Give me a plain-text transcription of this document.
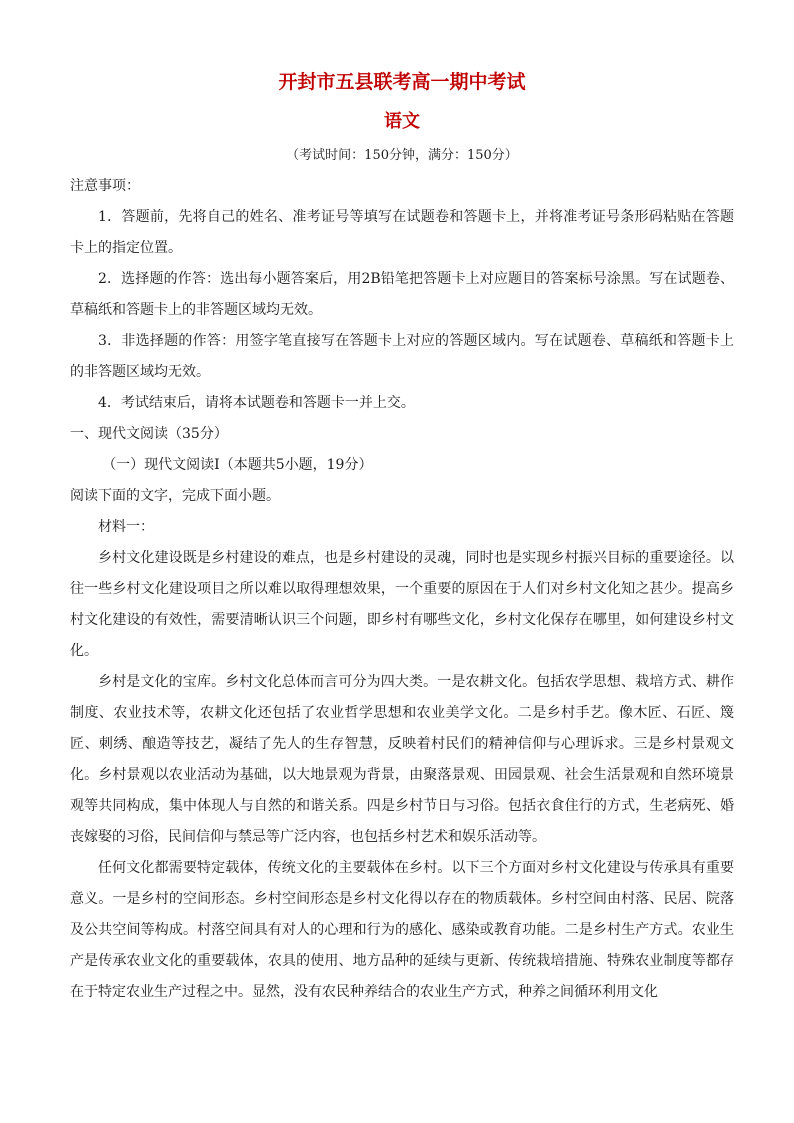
开封市五县联考高一期中考试
语文

（考试时间：150分钟，满分：150分）

注意事项：

1．答题前，先将自己的姓名、准考证号等填写在试题卷和答题卡上，并将准考证号条形码粘贴在答题卡上的指定位置。

2．选择题的作答：选出每小题答案后，用2B铅笔把答题卡上对应题目的答案标号涂黑。写在试题卷、草稿纸和答题卡上的非答题区域均无效。

3．非选择题的作答：用签字笔直接写在答题卡上对应的答题区域内。写在试题卷、草稿纸和答题卡上的非答题区域均无效。

4．考试结束后，请将本试题卷和答题卡一并上交。

一、现代文阅读（35分）

（一）现代文阅读Ⅰ（本题共5小题，19分）

阅读下面的文字，完成下面小题。

材料一：

乡村文化建设既是乡村建设的难点，也是乡村建设的灵魂，同时也是实现乡村振兴目标的重要途径。以往一些乡村文化建设项目之所以难以取得理想效果，一个重要的原因在于人们对乡村文化知之甚少。提高乡村文化建设的有效性，需要清晰认识三个问题，即乡村有哪些文化，乡村文化保存在哪里，如何建设乡村文化。

乡村是文化的宝库。乡村文化总体而言可分为四大类。一是农耕文化。包括农学思想、栽培方式、耕作制度、农业技术等，农耕文化还包括了农业哲学思想和农业美学文化。二是乡村手艺。像木匠、石匠、篾匠、刺绣、酿造等技艺，凝结了先人的生存智慧，反映着村民们的精神信仰与心理诉求。三是乡村景观文化。乡村景观以农业活动为基础，以大地景观为背景，由聚落景观、田园景观、社会生活景观和自然环境景观等共同构成，集中体现人与自然的和谐关系。四是乡村节日与习俗。包括衣食住行的方式，生老病死、婚丧嫁娶的习俗，民间信仰与禁忌等广泛内容，也包括乡村艺术和娱乐活动等。

任何文化都需要特定载体，传统文化的主要载体在乡村。以下三个方面对乡村文化建设与传承具有重要意义。一是乡村的空间形态。乡村空间形态是乡村文化得以存在的物质载体。乡村空间由村落、民居、院落及公共空间等构成。村落空间具有对人的心理和行为的感化、感染或教育功能。二是乡村生产方式。农业生产是传承农业文化的重要载体，农具的使用、地方品种的延续与更新、传统栽培措施、特殊农业制度等都存在于特定农业生产过程之中。显然，没有农民种养结合的农业生产方式，种养之间循环利用文化
